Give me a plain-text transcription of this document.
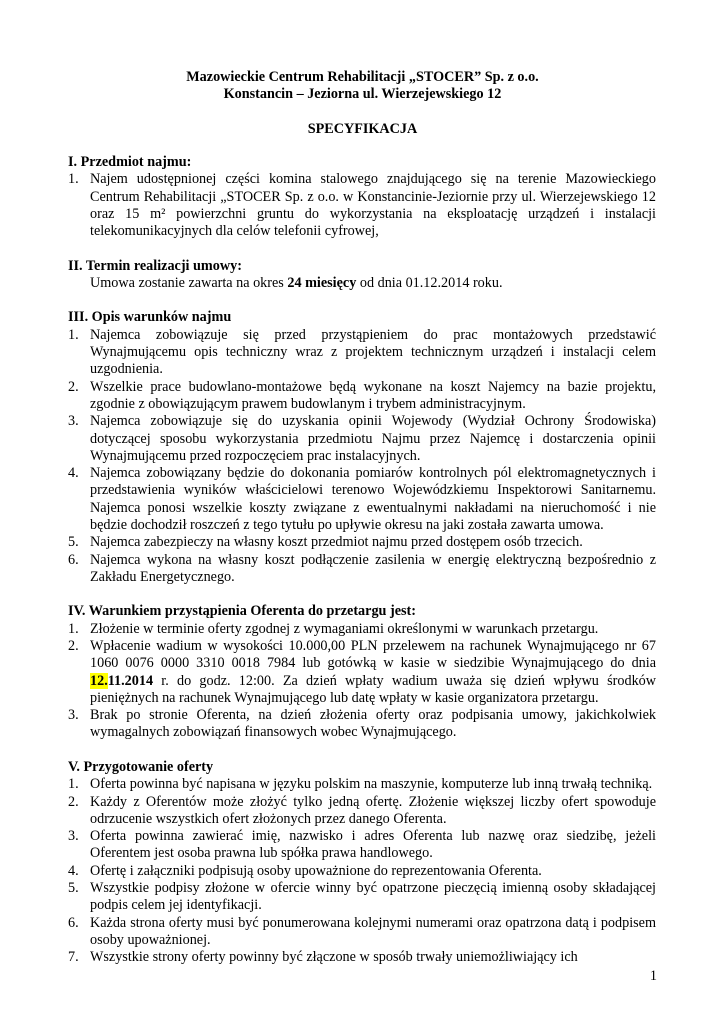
Mazowieckie Centrum Rehabilitacji „STOCER” Sp. z o.o.
Konstancin – Jeziorna ul. Wierzejewskiego 12
SPECYFIKACJA

I. Przedmiot najmu:

1. Najem udostępnionej części komina stalowego znajdującego się na terenie Mazowieckiego Centrum Rehabilitacji „STOCER Sp. z o.o. w Konstancinie-Jeziornie przy ul. Wierzejewskiego 12 oraz 15 m² powierzchni gruntu do wykorzystania na eksploatację urządzeń i instalacji telekomunikacyjnych dla celów telefonii cyfrowej,

II. Termin realizacji umowy:

Umowa zostanie zawarta na okres 24 miesięcy od dnia 01.12.2014 roku.

III. Opis warunków najmu

1. Najemca zobowiązuje się przed przystąpieniem do prac montażowych przedstawić Wynajmującemu opis techniczny wraz z projektem technicznym urządzeń i instalacji celem uzgodnienia.
2. Wszelkie prace budowlano-montażowe będą wykonane na koszt Najemcy na bazie projektu, zgodnie z obowiązującym prawem budowlanym i trybem administracyjnym.
3. Najemca zobowiązuje się do uzyskania opinii Wojewody (Wydział Ochrony Środowiska) dotyczącej sposobu wykorzystania przedmiotu Najmu przez Najemcę i dostarczenia opinii Wynajmującemu przed rozpoczęciem prac instalacyjnych.
4. Najemca zobowiązany będzie do dokonania pomiarów kontrolnych pól elektromagnetycznych i przedstawienia wyników właścicielowi terenowo Wojewódzkiemu Inspektorowi Sanitarnemu. Najemca ponosi wszelkie koszty związane z ewentualnymi nakładami na nieruchomość i nie będzie dochodził roszczeń z tego tytułu po upływie okresu na jaki została zawarta umowa.
5. Najemca zabezpieczy na własny koszt przedmiot najmu przed dostępem osób trzecich.
6. Najemca wykona na własny koszt podłączenie zasilenia w energię elektryczną bezpośrednio z Zakładu Energetycznego.

IV. Warunkiem przystąpienia Oferenta do przetargu jest:

1. Złożenie w terminie oferty zgodnej z wymaganiami określonymi w warunkach przetargu.
2. Wpłacenie wadium w wysokości 10.000,00 PLN przelewem na rachunek Wynajmującego nr 67 1060 0076 0000 3310 0018 7984 lub gotówką w kasie w siedzibie Wynajmującego do dnia 12.11.2014 r. do godz. 12:00. Za dzień wpłaty wadium uważa się dzień wpływu środków pieniężnych na rachunek Wynajmującego lub datę wpłaty w kasie organizatora przetargu.
3. Brak po stronie Oferenta, na dzień złożenia oferty oraz podpisania umowy, jakichkolwiek wymagalnych zobowiązań finansowych wobec Wynajmującego.

V. Przygotowanie oferty

1. Oferta powinna być napisana w języku polskim na maszynie, komputerze lub inną trwałą techniką.
2. Każdy z Oferentów może złożyć tylko jedną ofertę. Złożenie większej liczby ofert spowoduje odrzucenie wszystkich ofert złożonych przez danego Oferenta.
3. Oferta powinna zawierać imię, nazwisko i adres Oferenta lub nazwę oraz siedzibę, jeżeli Oferentem jest osoba prawna lub spółka prawa handlowego.
4. Ofertę i załączniki podpisują osoby upoważnione do reprezentowania Oferenta.
5. Wszystkie podpisy złożone w ofercie winny być opatrzone pieczęcią imienną osoby składającej podpis celem jej identyfikacji.
6. Każda strona oferty musi być ponumerowana kolejnymi numerami oraz opatrzona datą i podpisem osoby upoważnionej.
7. Wszystkie strony oferty powinny być złączone w sposób trwały uniemożliwiający ich
1
